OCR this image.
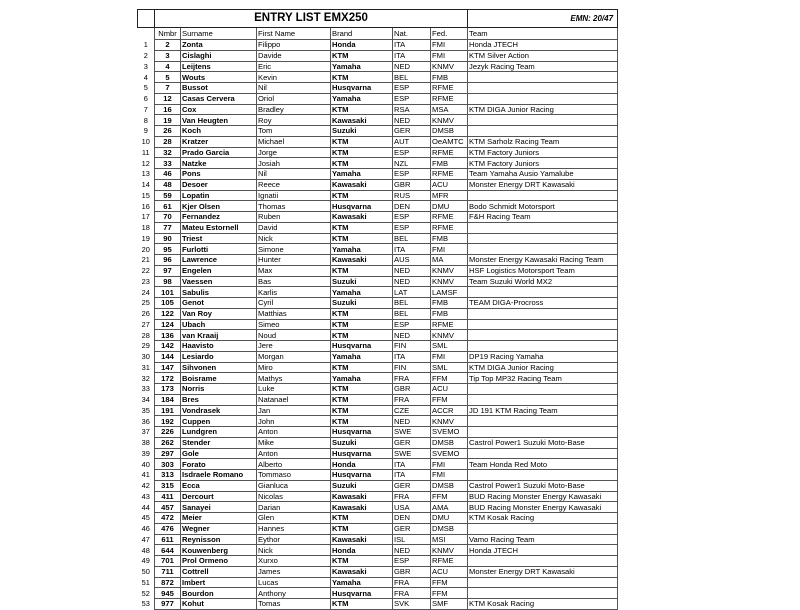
	ENTRY LIST EMX250						EMN: 20/47
	Nmbr	Surname	First Name	Brand	Nat.	Fed.	Team
1	2	Zonta	Filippo	Honda	ITA	FMI	Honda JTECH
2	3	Cislaghi	Davide	KTM	ITA	FMI	KTM Silver Action
3	4	Leijtens	Eric	Yamaha	NED	KNMV	Jezyk Racing Team
4	5	Wouts	Kevin	KTM	BEL	FMB	
5	7	Bussot	Nil	Husqvarna	ESP	RFME	
6	12	Casas Cervera	Oriol	Yamaha	ESP	RFME	
7	16	Cox	Bradley	KTM	RSA	MSA	KTM DIGA Junior Racing
8	19	Van Heugten	Roy	Kawasaki	NED	KNMV	
9	26	Koch	Tom	Suzuki	GER	DMSB	
10	28	Kratzer	Michael	KTM	AUT	OeAMTC	KTM Sarholz Racing Team
11	32	Prado Garcia	Jorge	KTM	ESP	RFME	KTM Factory Juniors
12	33	Natzke	Josiah	KTM	NZL	FMB	KTM Factory Juniors
13	46	Pons	Nil	Yamaha	ESP	RFME	Team Yamaha Ausio Yamalube
14	48	Desoer	Reece	Kawasaki	GBR	ACU	Monster Energy DRT Kawasaki
15	59	Lopatin	Ignatii	KTM	RUS	MFR	
16	61	Kjer Olsen	Thomas	Husqvarna	DEN	DMU	Bodo Schmidt Motorsport
17	70	Fernandez	Ruben	Kawasaki	ESP	RFME	F&H Racing Team
18	77	Mateu Estornell	David	KTM	ESP	RFME	
19	90	Triest	Nick	KTM	BEL	FMB	
20	95	Furlotti	Simone	Yamaha	ITA	FMI	
21	96	Lawrence	Hunter	Kawasaki	AUS	MA	Monster Energy Kawasaki Racing Team
22	97	Engelen	Max	KTM	NED	KNMV	HSF Logistics Motorsport Team
23	98	Vaessen	Bas	Suzuki	NED	KNMV	Team Suzuki World MX2
24	101	Sabulis	Karlis	Yamaha	LAT	LAMSF	
25	105	Genot	Cyril	Suzuki	BEL	FMB	TEAM DIGA-Procross
26	122	Van Roy	Matthias	KTM	BEL	FMB	
27	124	Ubach	Simeo	KTM	ESP	RFME	
28	136	van Kraaij	Noud	KTM	NED	KNMV	
29	142	Haavisto	Jere	Husqvarna	FIN	SML	
30	144	Lesiardo	Morgan	Yamaha	ITA	FMI	DP19 Racing Yamaha
31	147	Sihvonen	Miro	KTM	FIN	SML	KTM DIGA Junior Racing
32	172	Boisrame	Mathys	Yamaha	FRA	FFM	Tip Top MP32 Racing Team
33	173	Norris	Luke	KTM	GBR	ACU	
34	184	Bres	Natanael	KTM	FRA	FFM	
35	191	Vondrasek	Jan	KTM	CZE	ACCR	JD 191 KTM Racing Team
36	192	Cuppen	John	KTM	NED	KNMV	
37	226	Lundgren	Anton	Husqvarna	SWE	SVEMO	
38	262	Stender	Mike	Suzuki	GER	DMSB	Castrol Power1 Suzuki Moto-Base
39	297	Gole	Anton	Husqvarna	SWE	SVEMO	
40	303	Forato	Alberto	Honda	ITA	FMI	Team Honda Red Moto
41	313	Isdraele Romano	Tommaso	Husqvarna	ITA	FMI	
42	315	Ecca	Gianluca	Suzuki	GER	DMSB	Castrol Power1 Suzuki Moto-Base
43	411	Dercourt	Nicolas	Kawasaki	FRA	FFM	BUD Racing Monster Energy Kawasaki
44	457	Sanayei	Darian	Kawasaki	USA	AMA	BUD Racing Monster Energy Kawasaki
45	472	Meier	Glen	KTM	DEN	DMU	KTM Kosak Racing
46	476	Wegner	Hannes	KTM	GER	DMSB	
47	611	Reynisson	Eythor	Kawasaki	ISL	MSI	Vamo Racing Team
48	644	Kouwenberg	Nick	Honda	NED	KNMV	Honda JTECH
49	701	Prol Ormeno	Xurxo	KTM	ESP	RFME	
50	711	Cottrell	James	Kawasaki	GBR	ACU	Monster Energy DRT Kawasaki
51	872	Imbert	Lucas	Yamaha	FRA	FFM	
52	945	Bourdon	Anthony	Husqvarna	FRA	FFM	
53	977	Kohut	Tomas	KTM	SVK	SMF	KTM Kosak Racing
